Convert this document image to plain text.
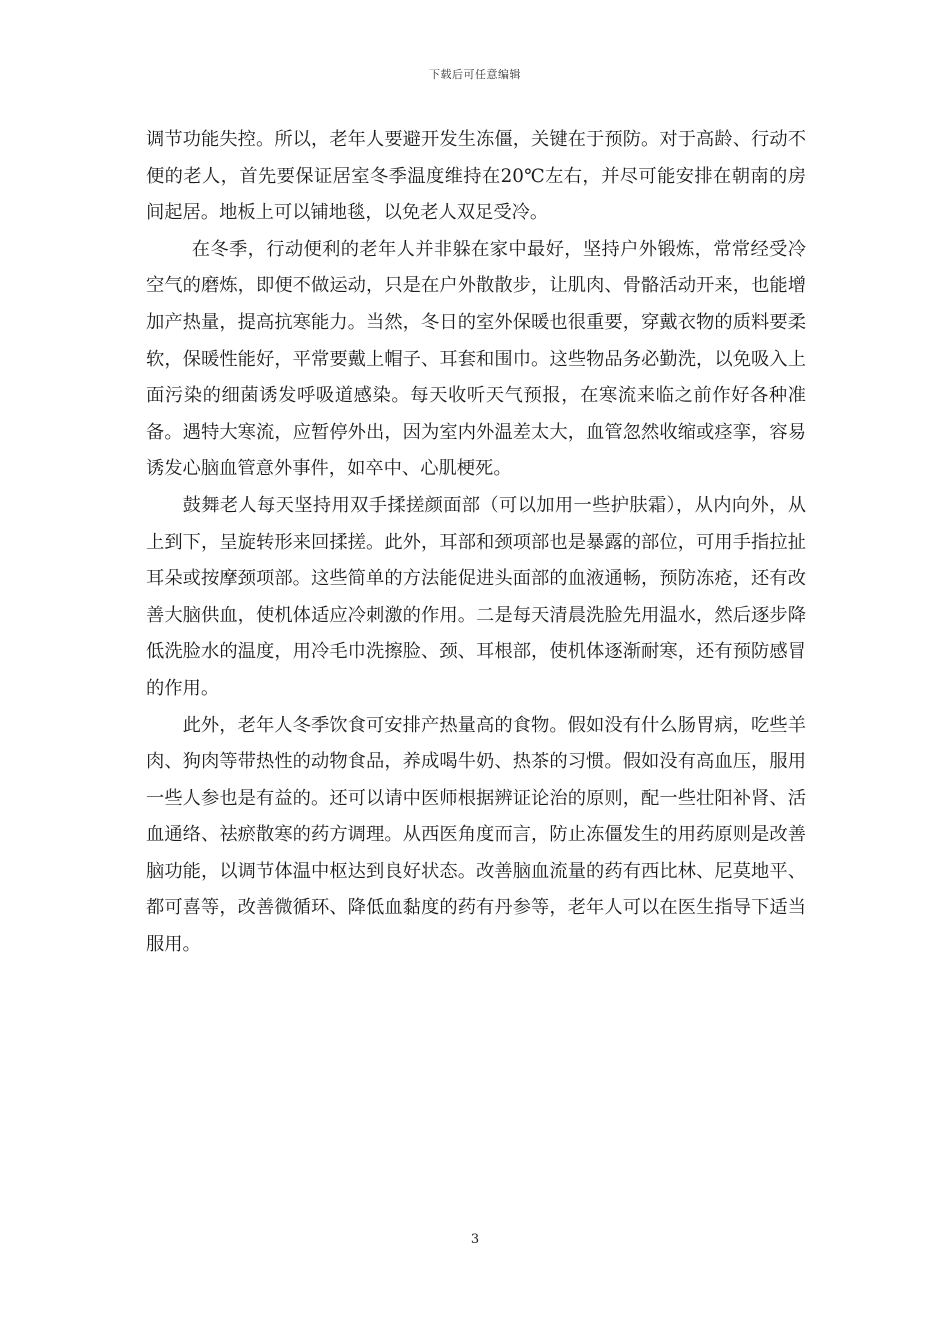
下载后可任意编辑

调节功能失控。所以，老年人要避开发生冻僵，关键在于预防。对于高龄、行动不便的老人，首先要保证居室冬季温度维持在20℃左右，并尽可能安排在朝南的房间起居。地板上可以铺地毯，以免老人双足受冷。

在冬季，行动便利的老年人并非躲在家中最好，坚持户外锻炼，常常经受冷空气的磨炼，即便不做运动，只是在户外散散步，让肌肉、骨骼活动开来，也能增加产热量，提高抗寒能力。当然，冬日的室外保暖也很重要，穿戴衣物的质料要柔软，保暖性能好，平常要戴上帽子、耳套和围巾。这些物品务必勤洗，以免吸入上面污染的细菌诱发呼吸道感染。每天收听天气预报，在寒流来临之前作好各种准备。遇特大寒流，应暂停外出，因为室内外温差太大，血管忽然收缩或痉挛，容易诱发心脑血管意外事件，如卒中、心肌梗死。

鼓舞老人每天坚持用双手揉搓颜面部（可以加用一些护肤霜），从内向外，从上到下，呈旋转形来回揉搓。此外，耳部和颈项部也是暴露的部位，可用手指拉扯耳朵或按摩颈项部。这些简单的方法能促进头面部的血液通畅，预防冻疮，还有改善大脑供血，使机体适应冷刺激的作用。二是每天清晨洗脸先用温水，然后逐步降低洗脸水的温度，用冷毛巾洗擦脸、颈、耳根部，使机体逐渐耐寒，还有预防感冒的作用。

此外，老年人冬季饮食可安排产热量高的食物。假如没有什么肠胃病，吃些羊肉、狗肉等带热性的动物食品，养成喝牛奶、热茶的习惯。假如没有高血压，服用一些人参也是有益的。还可以请中医师根据辨证论治的原则，配一些壮阳补肾、活血通络、祛瘀散寒的药方调理。从西医角度而言，防止冻僵发生的用药原则是改善脑功能，以调节体温中枢达到良好状态。改善脑血流量的药有西比林、尼莫地平、都可喜等，改善微循环、降低血黏度的药有丹参等，老年人可以在医生指导下适当服用。

3
